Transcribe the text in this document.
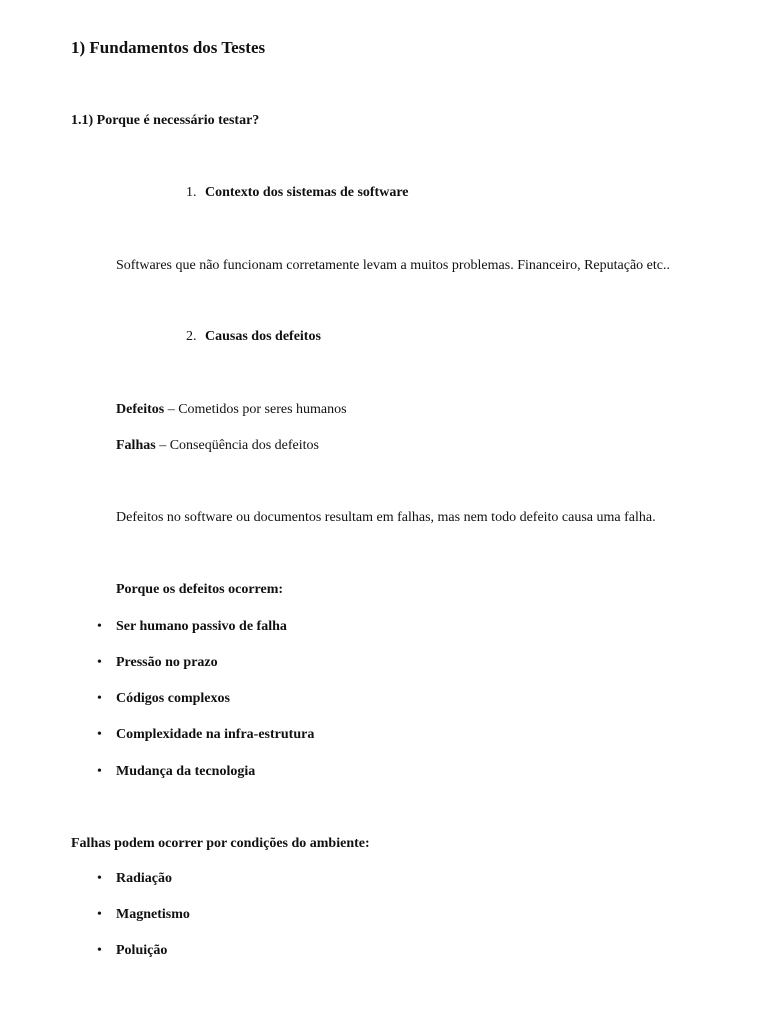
1) Fundamentos dos Testes
1.1) Porque é necessário testar?
1. Contexto dos sistemas de software
Softwares que não funcionam corretamente levam a muitos problemas. Financeiro, Reputação etc..
2. Causas dos defeitos
Defeitos – Cometidos por seres humanos
Falhas – Conseqüência dos defeitos
Defeitos no software ou documentos resultam em falhas, mas nem todo defeito causa uma falha.
Porque os defeitos ocorrem:
• Ser humano passivo de falha
• Pressão no prazo
• Códigos complexos
• Complexidade na infra-estrutura
• Mudança da tecnologia
Falhas podem ocorrer por condições do ambiente:
• Radiação
• Magnetismo
• Poluição
